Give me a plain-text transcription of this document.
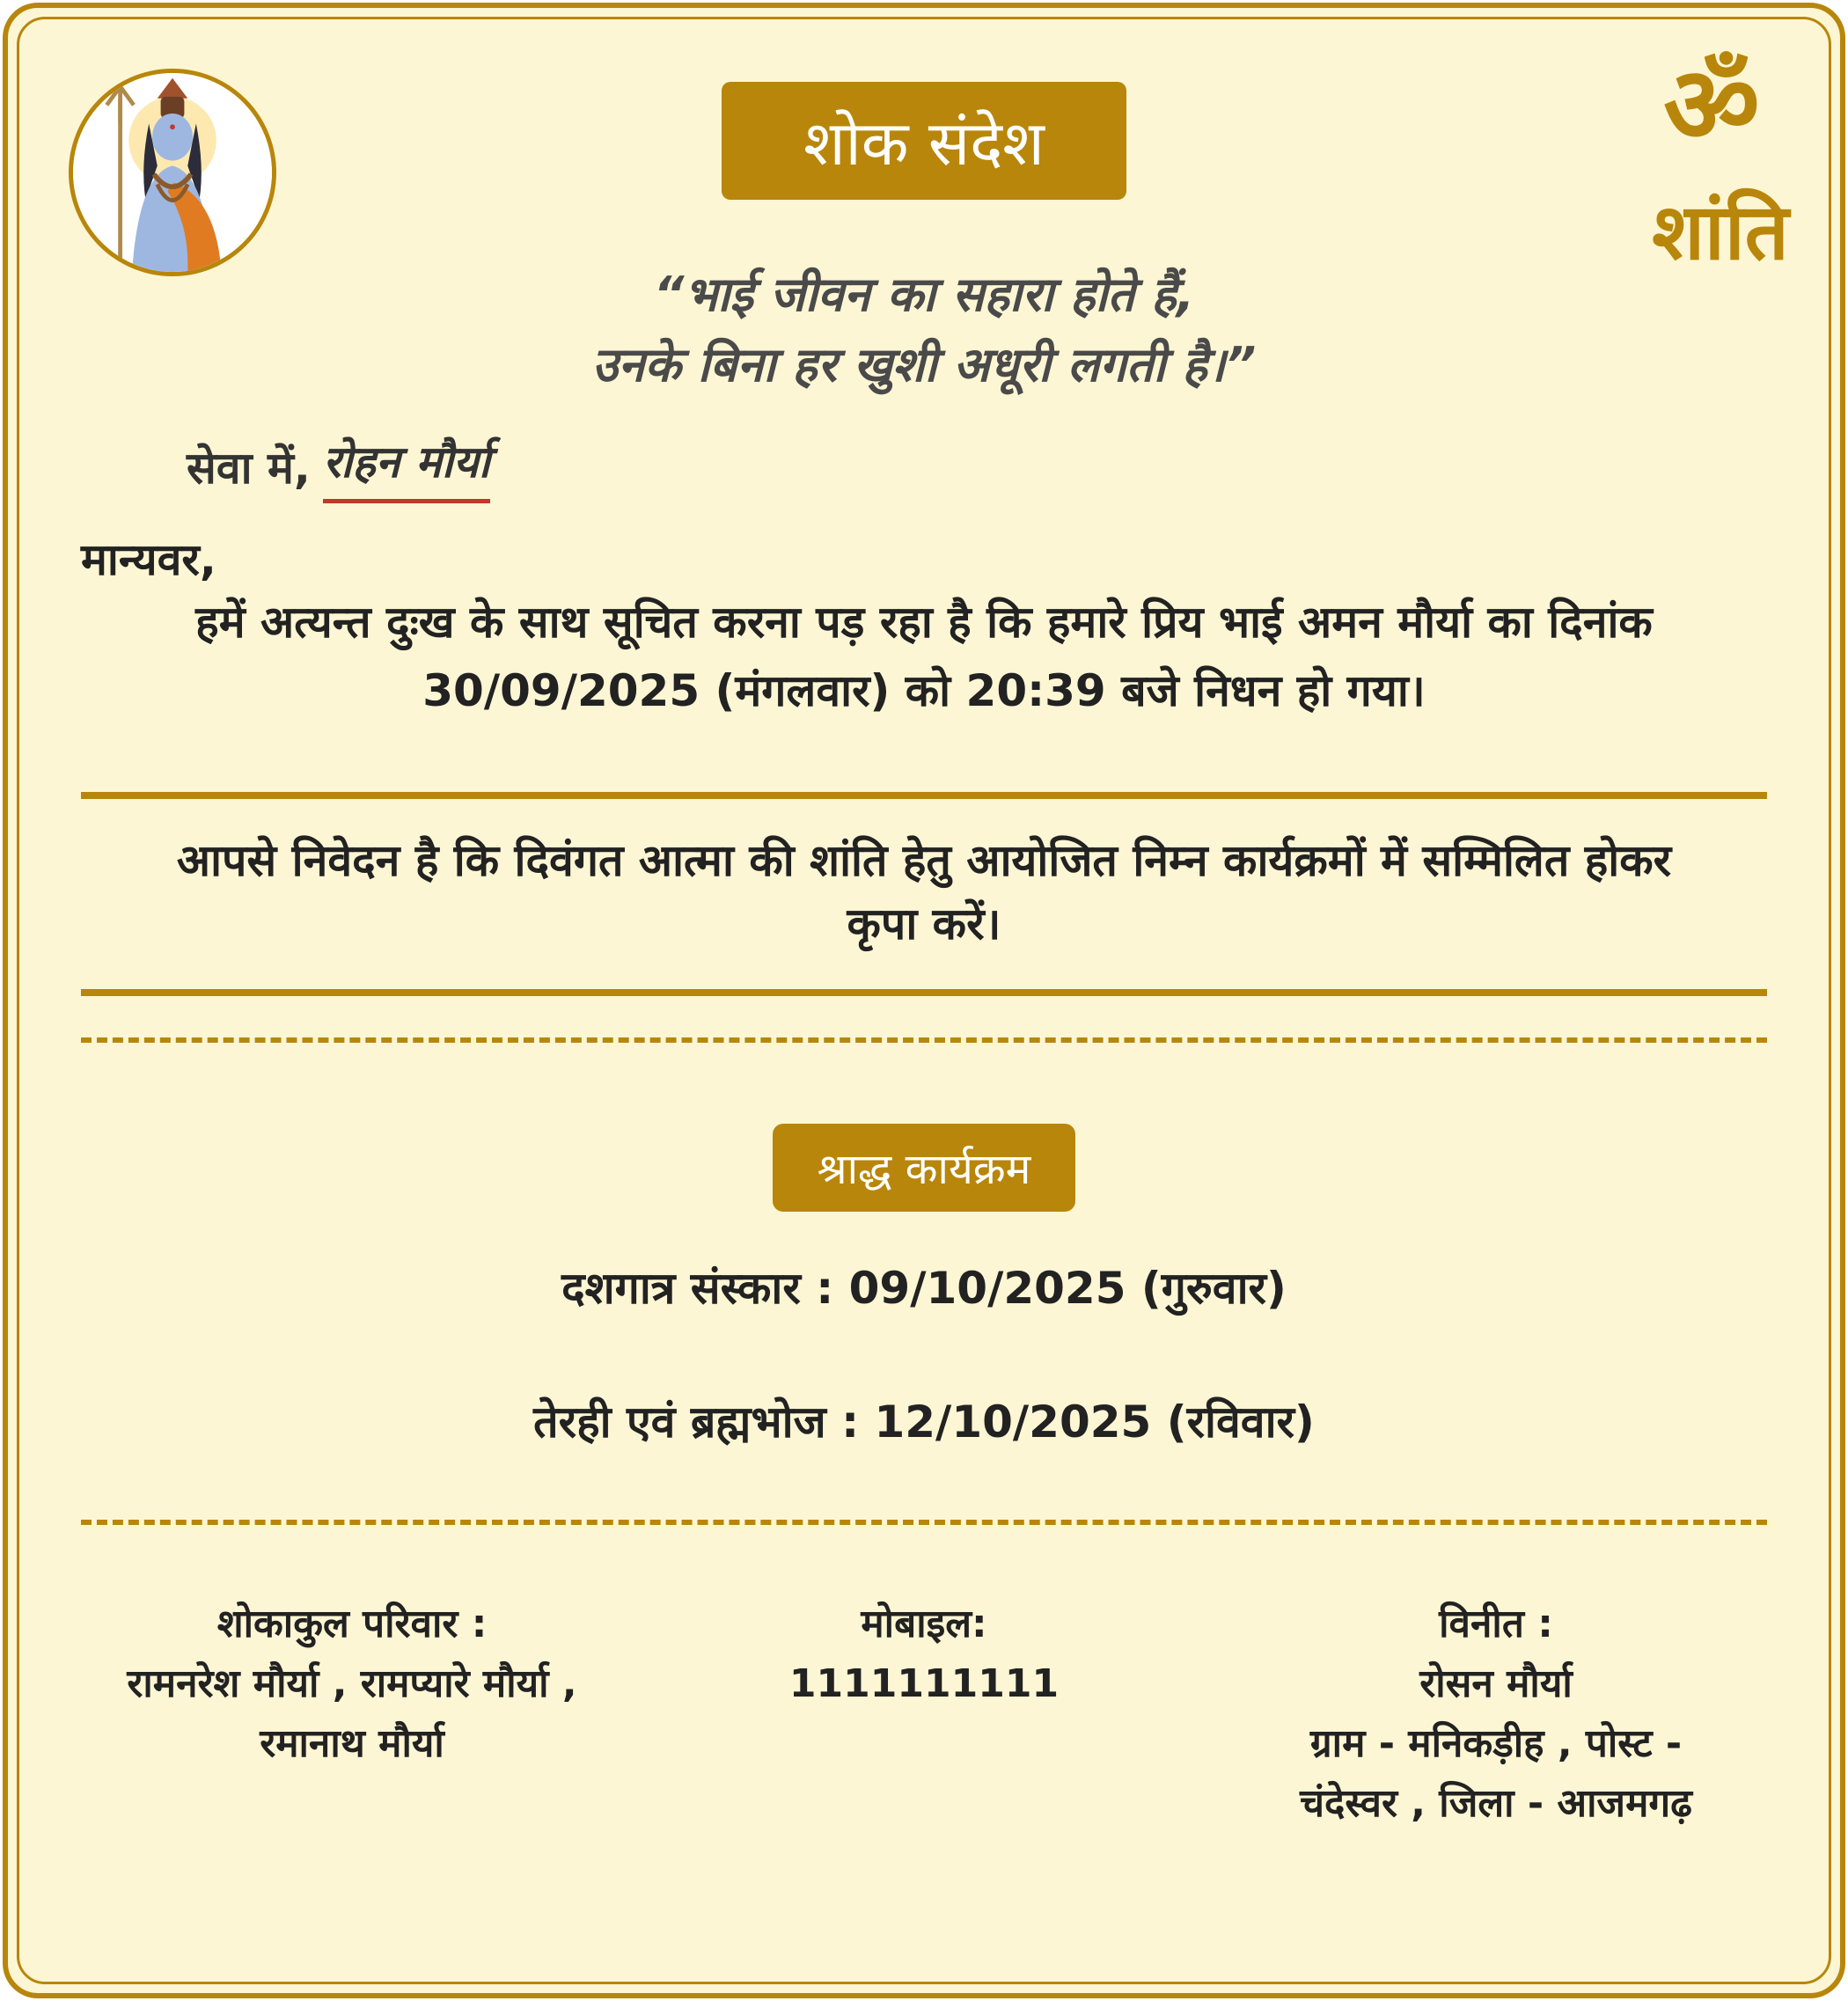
शोक संदेश	ॐ
शांति
“भाई जीवन का सहारा होते हैं,
उनके बिना हर खुशी अधूरी लगती है।”
सेवा में, रोहन मौर्या
मान्यवर,
हमें अत्यन्त दुःख के साथ सूचित करना पड़ रहा है कि हमारे प्रिय भाई अमन मौर्या का दिनांक
30/09/2025 (मंगलवार) को 20:39 बजे निधन हो गया।
आपसे निवेदन है कि दिवंगत आत्मा की शांति हेतु आयोजित निम्न कार्यक्रमों में सम्मिलित होकर
कृपा करें।
श्राद्ध कार्यक्रम
दशगात्र संस्कार : 09/10/2025 (गुरुवार)
तेरही एवं ब्रह्मभोज : 12/10/2025 (रविवार)
शोकाकुल परिवार :
रामनरेश मौर्या , रामप्यारे मौर्या ,
रमानाथ मौर्या
मोबाइल:
1111111111
विनीत :
रोसन मौर्या
ग्राम - मनिकड़ीह , पोस्ट -
चंदेस्वर , जिला - आजमगढ़
